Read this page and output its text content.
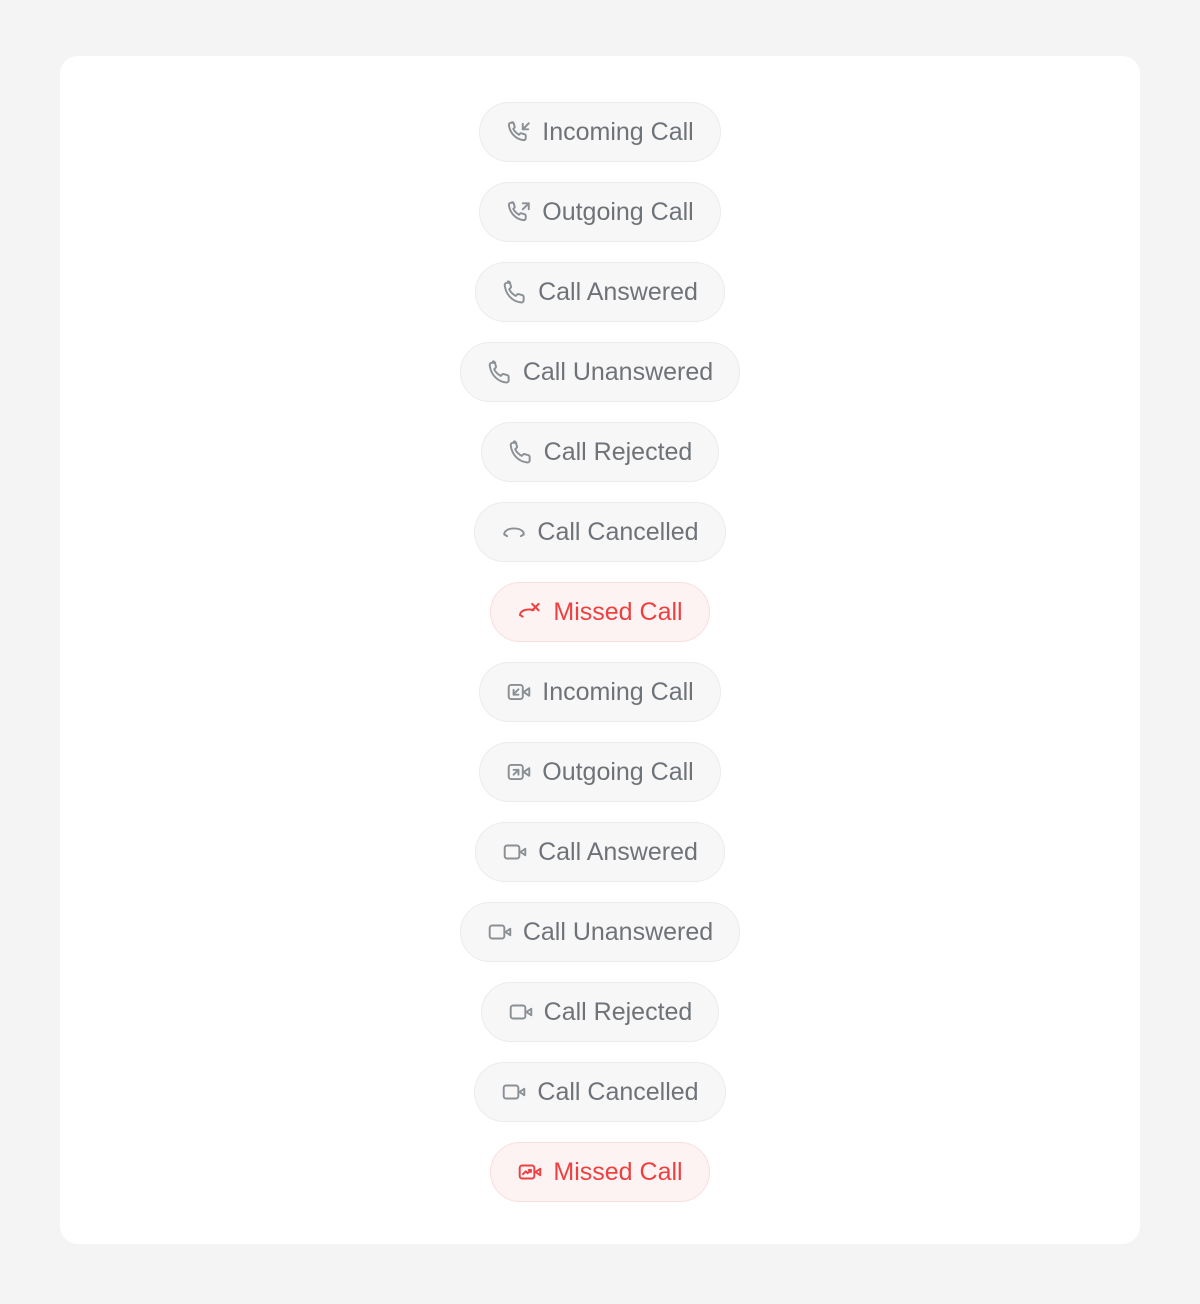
Incoming Call
Outgoing Call
Call Answered
Call Unanswered
Call Rejected
Call Cancelled
Missed Call
Incoming Call
Outgoing Call
Call Answered
Call Unanswered
Call Rejected
Call Cancelled
Missed Call
